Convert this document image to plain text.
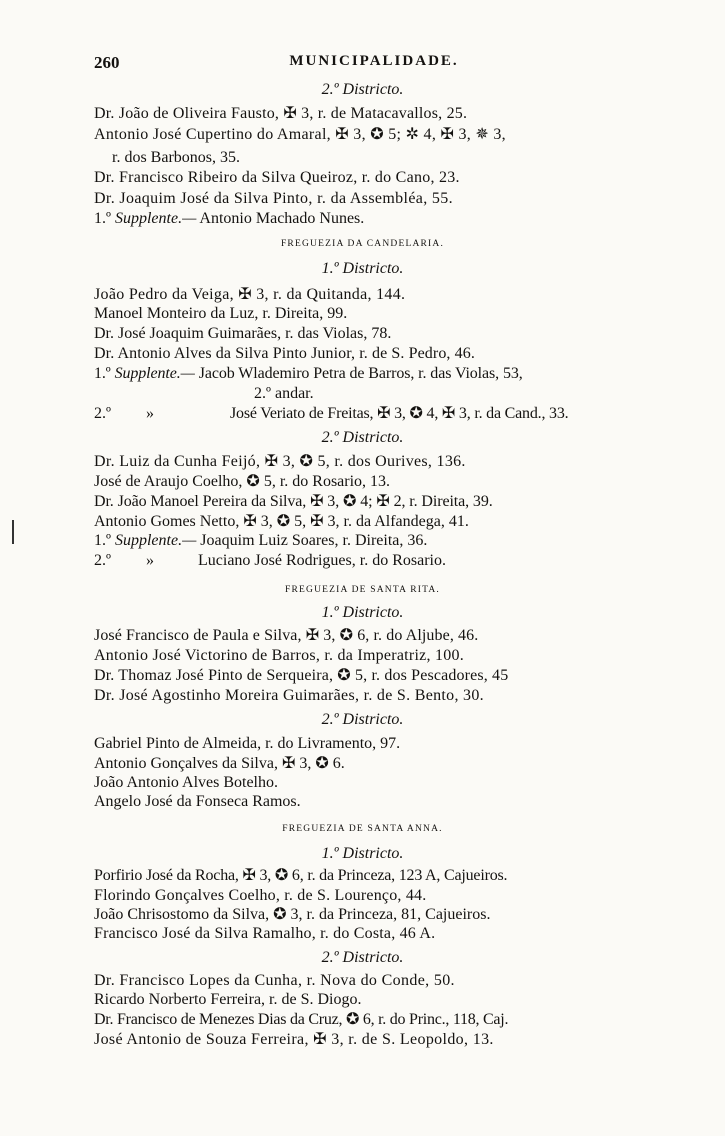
260	MUNICIPALIDADE.
2.º Districto.
Dr. João de Oliveira Fausto, ✠ 3, r. de Matacavallos, 25.
Antonio José Cupertino do Amaral, ✠ 3, ✪ 5; ✲ 4, ✠ 3, ✵ 3,
r. dos Barbonos, 35.
Dr. Francisco Ribeiro da Silva Queiroz, r. do Cano, 23.
Dr. Joaquim José da Silva Pinto, r. da Assembléa, 55.
1.º Supplente.— Antonio Machado Nunes.
FREGUEZIA DA CANDELARIA.
1.º Districto.
João Pedro da Veiga, ✠ 3, r. da Quitanda, 144.
Manoel Monteiro da Luz, r. Direita, 99.
Dr. José Joaquim Guimarães, r. das Violas, 78.
Dr. Antonio Alves da Silva Pinto Junior, r. de S. Pedro, 46.
1.º Supplente.— Jacob Wlademiro Petra de Barros, r. das Violas, 53,
2.º andar.
2.º »	José Veriato de Freitas, ✠ 3, ✪ 4, ✠ 3, r. da Cand., 33.
2.º Districto.
Dr. Luiz da Cunha Feijó, ✠ 3, ✪ 5, r. dos Ourives, 136.
José de Araujo Coelho, ✪ 5, r. do Rosario, 13.
Dr. João Manoel Pereira da Silva, ✠ 3, ✪ 4; ✠ 2, r. Direita, 39.
Antonio Gomes Netto, ✠ 3, ✪ 5, ✠ 3, r. da Alfandega, 41.
1.º Supplente.— Joaquim Luiz Soares, r. Direita, 36.
2.º »	Luciano José Rodrigues, r. do Rosario.
FREGUEZIA DE SANTA RITA.
1.º Districto.
José Francisco de Paula e Silva, ✠ 3, ✪ 6, r. do Aljube, 46.
Antonio José Victorino de Barros, r. da Imperatriz, 100.
Dr. Thomaz José Pinto de Serqueira, ✪ 5, r. dos Pescadores, 45
Dr. José Agostinho Moreira Guimarães, r. de S. Bento, 30.
2.º Districto.
Gabriel Pinto de Almeida, r. do Livramento, 97.
Antonio Gonçalves da Silva, ✠ 3, ✪ 6.
João Antonio Alves Botelho.
Angelo José da Fonseca Ramos.
FREGUEZIA DE SANTA ANNA.
1.º Districto.
Porfirio José da Rocha, ✠ 3, ✪ 6, r. da Princeza, 123 A, Cajueiros.
Florindo Gonçalves Coelho, r. de S. Lourenço, 44.
João Chrisostomo da Silva, ✪ 3, r. da Princeza, 81, Cajueiros.
Francisco José da Silva Ramalho, r. do Costa, 46 A.
2.º Districto.
Dr. Francisco Lopes da Cunha, r. Nova do Conde, 50.
Ricardo Norberto Ferreira, r. de S. Diogo.
Dr. Francisco de Menezes Dias da Cruz, ✪ 6, r. do Princ., 118, Caj.
José Antonio de Souza Ferreira, ✠ 3, r. de S. Leopoldo, 13.
